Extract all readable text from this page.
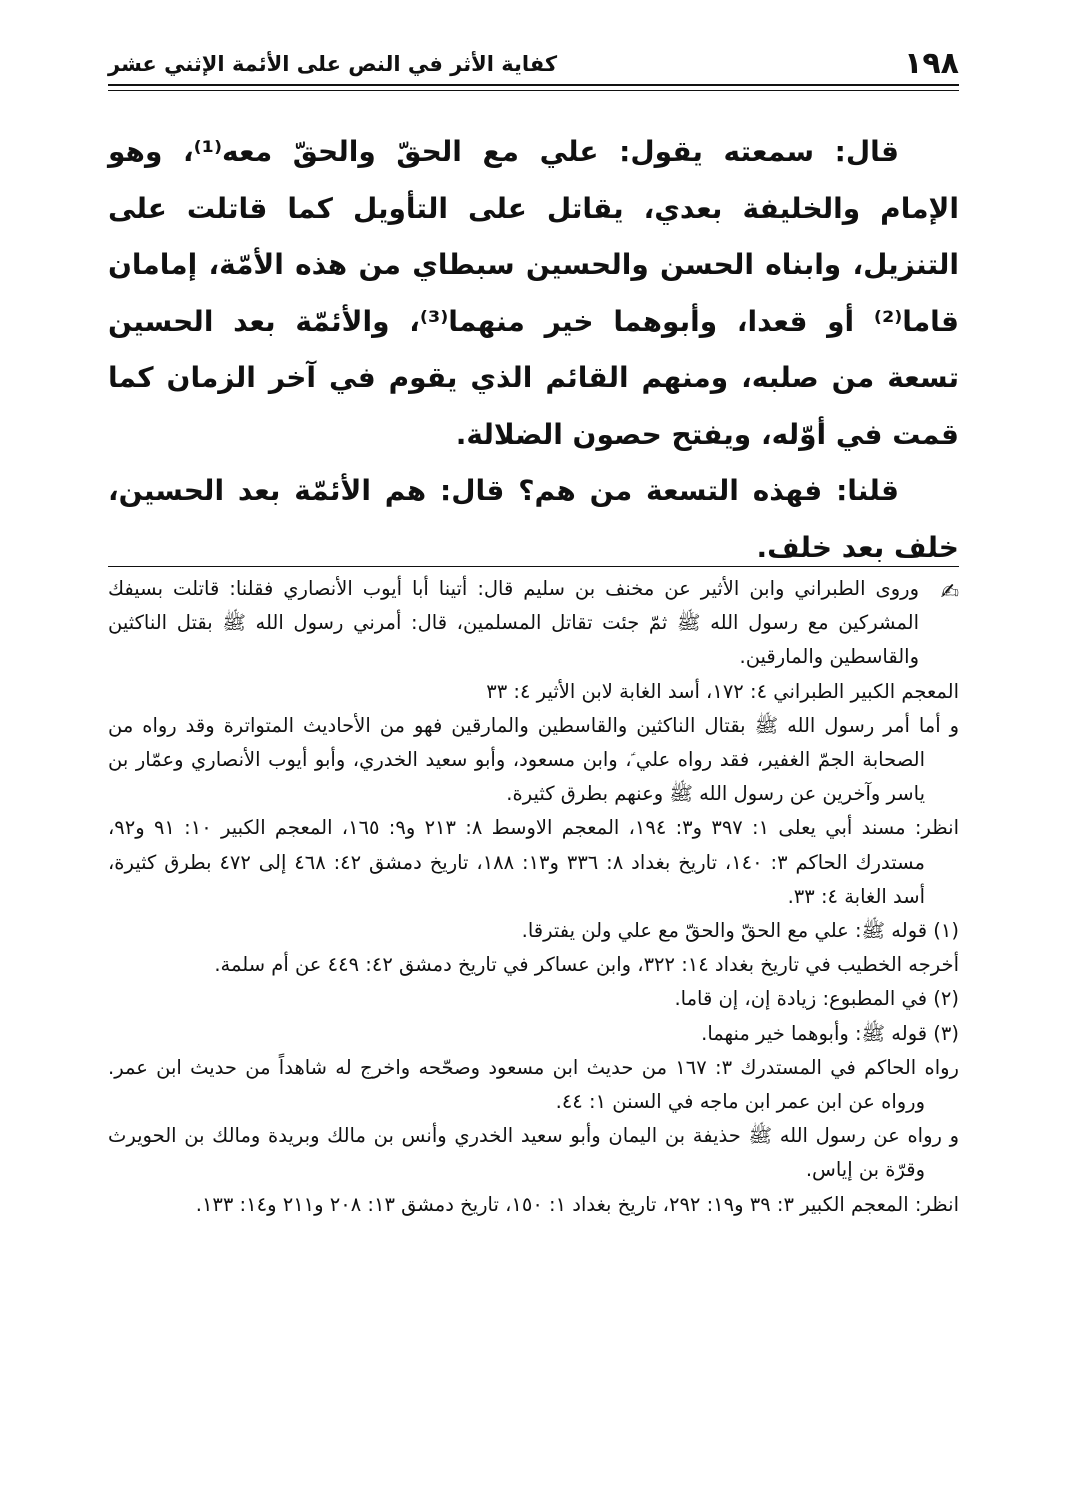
١٩٨
كفاية الأثر في النص على الأئمة الإثني عشر

قال: سمعته يقول: علي مع الحقّ والحقّ معه⁽¹⁾، وهو الإمام والخليفة بعدي، يقاتل على التأويل كما قاتلت على التنزيل، وابناه الحسن والحسين سبطاي من هذه الأمّة، إمامان قاما⁽²⁾ أو قعدا، وأبوهما خير منهما⁽³⁾، والأئمّة بعد الحسين تسعة من صلبه، ومنهم القائم الذي يقوم في آخر الزمان كما قمت في أوّله، ويفتح حصون الضلالة.

قلنا: فهذه التسعة من هم؟ قال: هم الأئمّة بعد الحسين، خلف بعد خلف.

✍
وروى الطبراني وابن الأثير عن مخنف بن سليم قال: أتينا أبا أيوب الأنصاري فقلنا: قاتلت بسيفك المشركين مع رسول الله ﷺ ثمّ جئت تقاتل المسلمين، قال: أمرني رسول الله ﷺ بقتل الناكثين والقاسطين والمارقين.

المعجم الكبير الطبراني ٤: ١٧٢، أسد الغابة لابن الأثير ٤: ٣٣

و أما أمر رسول الله ﷺ بقتال الناكثين والقاسطين والمارقين فهو من الأحاديث المتواترة وقد رواه من الصحابة الجمّ الغفير، فقد رواه علي ؑ، وابن مسعود، وأبو سعيد الخدري، وأبو أيوب الأنصاري وعمّار بن ياسر وآخرين عن رسول الله ﷺ وعنهم بطرق كثيرة.

انظر: مسند أبي يعلى ١: ٣٩٧ و٣: ١٩٤، المعجم الاوسط ٨: ٢١٣ و٩: ١٦٥، المعجم الكبير ١٠: ٩١ و٩٢، مستدرك الحاكم ٣: ١٤٠، تاريخ بغداد ٨: ٣٣٦ و١٣: ١٨٨، تاريخ دمشق ٤٢: ٤٦٨ إلى ٤٧٢ بطرق كثيرة، أسد الغابة ٤: ٣٣.

(١) قوله ﷺ: علي مع الحقّ والحقّ مع علي ولن يفترقا.

أخرجه الخطيب في تاريخ بغداد ١٤: ٣٢٢، وابن عساكر في تاريخ دمشق ٤٢: ٤٤٩ عن أم سلمة.

(٢) في المطبوع: زيادة إن، إن قاما.

(٣) قوله ﷺ: وأبوهما خير منهما.

رواه الحاكم في المستدرك ٣: ١٦٧ من حديث ابن مسعود وصحّحه واخرج له شاهداً من حديث ابن عمر. ورواه عن ابن عمر ابن ماجه في السنن ١: ٤٤.

و رواه عن رسول الله ﷺ حذيفة بن اليمان وأبو سعيد الخدري وأنس بن مالك وبريدة ومالك بن الحويرث وقرّة بن إياس.

انظر: المعجم الكبير ٣: ٣٩ و١٩: ٢٩٢، تاريخ بغداد ١: ١٥٠، تاريخ دمشق ١٣: ٢٠٨ و٢١١ و١٤: ١٣٣.
